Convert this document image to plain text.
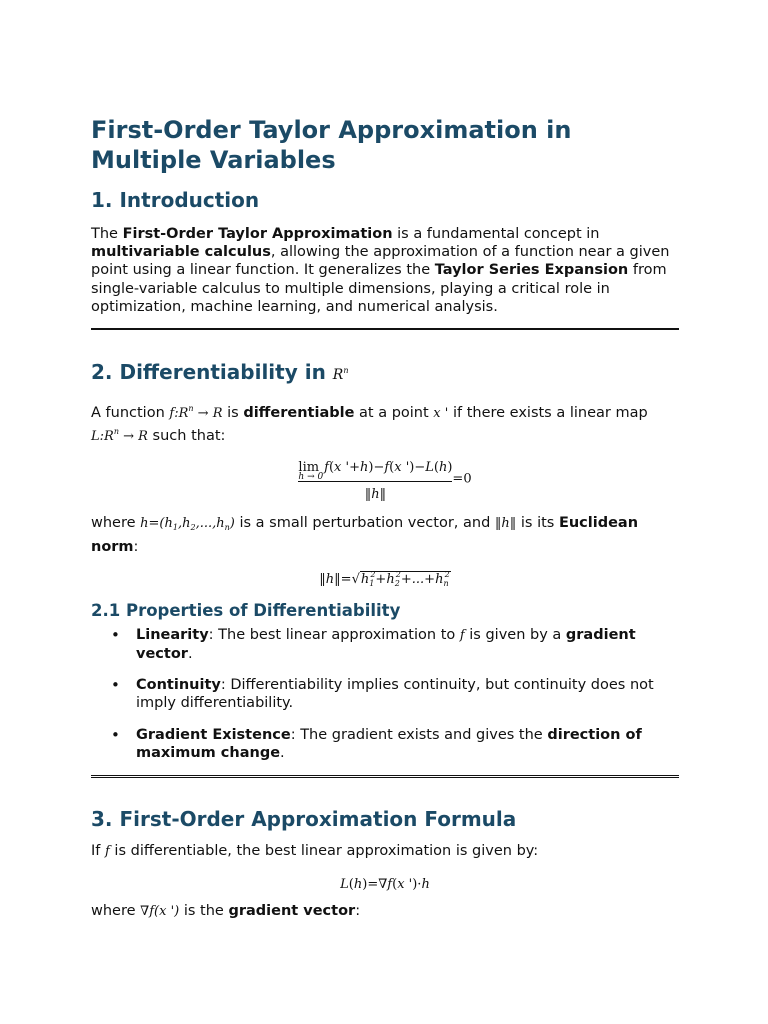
First-Order Taylor Approximation in Multiple Variables
1. Introduction

The First-Order Taylor Approximation is a fundamental concept in multivariable calculus, allowing the approximation of a function near a given point using a linear function. It generalizes the Taylor Series Expansion from single-variable calculus to multiple dimensions, playing a critical role in optimization, machine learning, and numerical analysis.

2. Differentiability in $R^n$

A function $f:R^n \to R$ is differentiable at a point x ' if there exists a linear map $L:R^n \to R$ such that:

lim f(x '+h)−f(x ')−L(h)
h → 0
‖h‖ =0

where $h=(h_1,h_2,...,h_n)$ is a small perturbation vector, and ‖h‖ is its Euclidean norm:

$‖h‖=√h_1^2+h_2^2+...+h_n^2$
2.1 Properties of Differentiability
• Linearity: The best linear approximation to f is given by a gradient vector.
• Continuity: Differentiability implies continuity, but continuity does not imply differentiability.
• Gradient Existence: The gradient exists and gives the direction of maximum change.
3. First-Order Approximation Formula

If f is differentiable, the best linear approximation is given by:

L(h)=∇f(x ')·h

where ∇f(x ') is the gradient vector:
